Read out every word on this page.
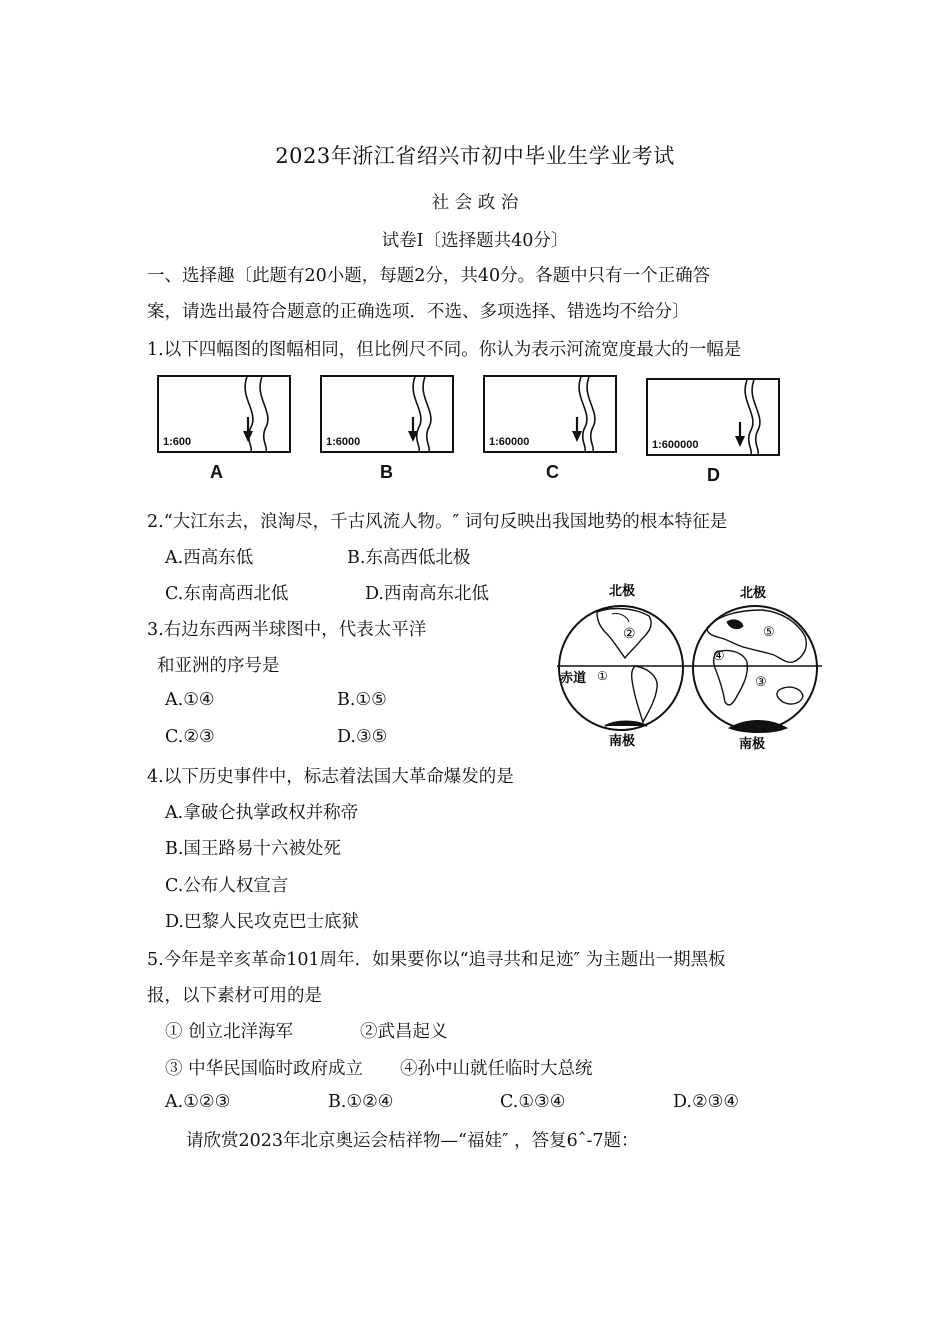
2023年浙江省绍兴市初中毕业生学业考试
社 会 政 治
试卷Ⅰ〔选择题共40分〕
一、选择趣〔此题有20小题，每题2分，共40分。各题中只有一个正确答
案，请选出最符合题意的正确选项．不选、多项选择、错选均不给分〕
1.以下四幅图的图幅相同，但比例尺不同。你认为表示河流宽度最大的一幅是
1:600
A
1:6000
B
1:60000
C
1:600000
D
2.“大江东去，浪淘尽，千古风流人物。″ 词句反映出我国地势的根本特征是
A.西高东低	B.东高西低北极
C.东南高西北低	D.西南高东北低
3.右边东西两半球图中，代表太平洋
和亚洲的序号是
A.①④	B.①⑤
C.②③	D.③⑤
①
②
③
④
⑤
北极	北极
赤道
南极	南极
4.以下历史事件中，标志着法国大革命爆发的是
A.拿破仑执掌政权并称帝
B.国王路易十六被处死
C.公布人权宣言
D.巴黎人民攻克巴士底狱
5.今年是辛亥革命101周年．如果要你以“追寻共和足迹″ 为主题出一期黑板
报，以下素材可用的是
① 创立北洋海军	②武昌起义
③ 中华民国临时政府成立 ④孙中山就任临时大总统
A.①②③	B.①②④	C.①③④	D.②③④
请欣赏2023年北京奥运会桔祥物—“福娃″ ，答复6ˆ-7题：
